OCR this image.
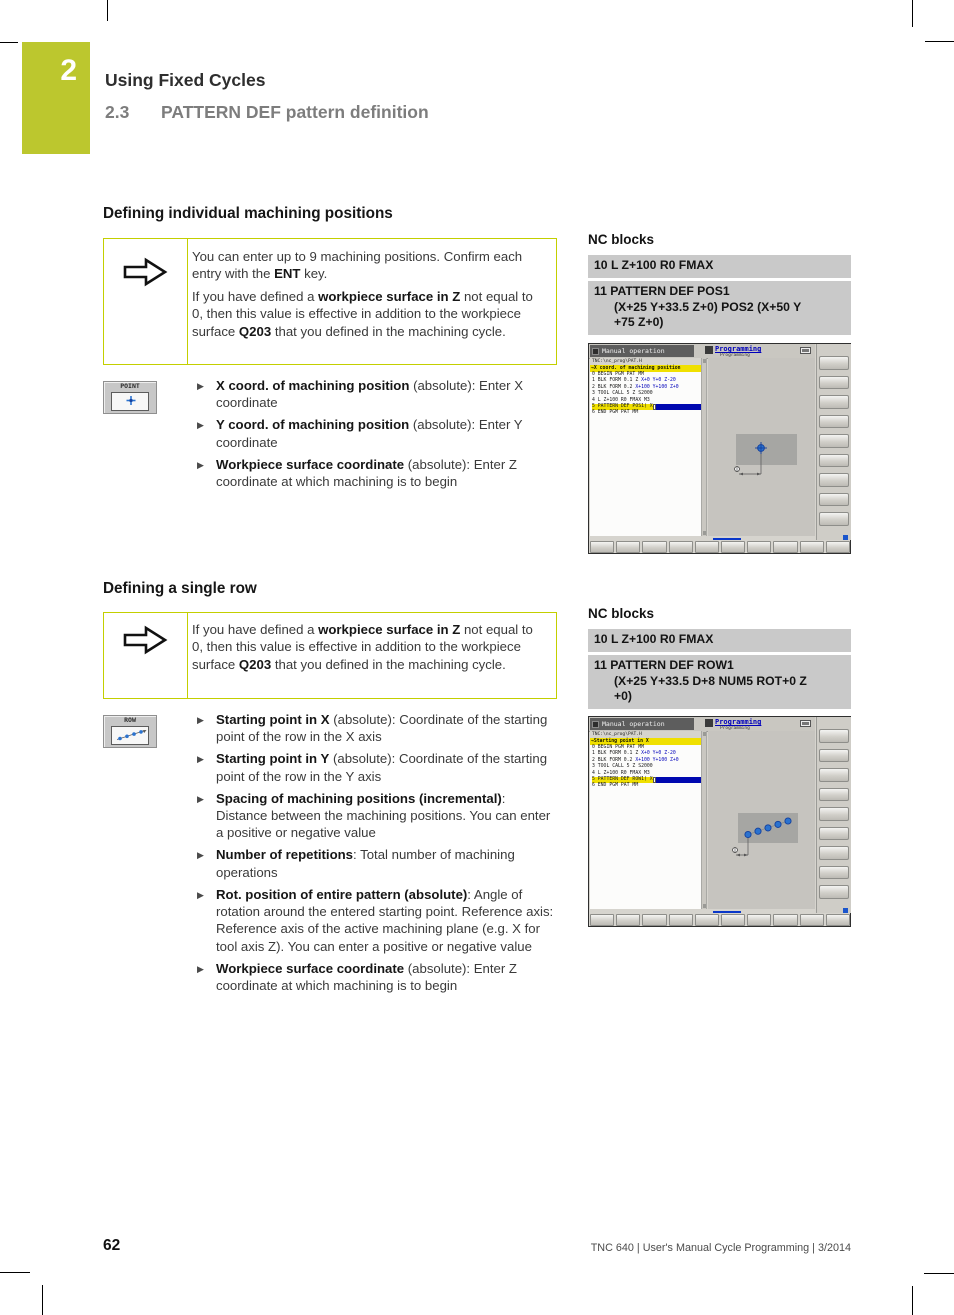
2	Using Fixed Cycles
2.3	PATTERN DEF pattern definition
Defining individual machining positions

You can enter up to 9 machining positions. Confirm each entry with the ENT key.

If you have defined a workpiece surface in Z not equal to 0, then this value is effective in addition to the workpiece surface Q203 that you defined in the machining cycle.

POINT	▶ X coord. of machining position (absolute): Enter X coordinate
▶ Y coord. of machining position (absolute): Enter Y coordinate
▶ Workpiece surface coordinate (absolute): Enter Z coordinate at which machining is to begin
NC blocks
10 L Z+100 R0 FMAX
11 PATTERN DEF POS1
(X+25 Y+33.5 Z+0) POS2 (X+50 Y
+75 Z+0)
Manual operation	Programming
Programming
TNC:\nc_prog\PAT.H
→X coord. of machining position
0 BEGIN PGM PAT MM
1 BLK FORM 0.1 Z X+0 Y+0 Z-20
2 BLK FORM 0.2 X+100 Y+100 Z+0
3 TOOL CALL 5 Z S2000
4 L Z+100 R0 FMAX M3
5 PATTERN DEF POS1( X
6 END PGM PAT MM
Defining a single row

If you have defined a workpiece surface in Z not equal to 0, then this value is effective in addition to the workpiece surface Q203 that you defined in the machining cycle.

ROW	▶ Starting point in X (absolute): Coordinate of the starting point of the row in the X axis
▶ Starting point in Y (absolute): Coordinate of the starting point of the row in the Y axis
▶ Spacing of machining positions (incremental): Distance between the machining positions. You can enter a positive or negative value
▶ Number of repetitions: Total number of machining operations
▶ Rot. position of entire pattern (absolute): Angle of rotation around the entered starting point. Reference axis: Reference axis of the active machining plane (e.g. X for tool axis Z). You can enter a positive or negative value
▶ Workpiece surface coordinate (absolute): Enter Z coordinate at which machining is to begin
NC blocks
10 L Z+100 R0 FMAX
11 PATTERN DEF ROW1
(X+25 Y+33.5 D+8 NUM5 ROT+0 Z
+0)
Manual operation	Programming
Programming
TNC:\nc_prog\PAT.H
→Starting point in X
0 BEGIN PGM PAT MM
1 BLK FORM 0.1 Z X+0 Y+0 Z-20
2 BLK FORM 0.2 X+100 Y+100 Z+0
3 TOOL CALL 5 Z S2000
4 L Z+100 R0 FMAX M3
5 PATTERN DEF ROW1( X
6 END PGM PAT MM
62	TNC 640 | User's Manual Cycle Programming | 3/2014
